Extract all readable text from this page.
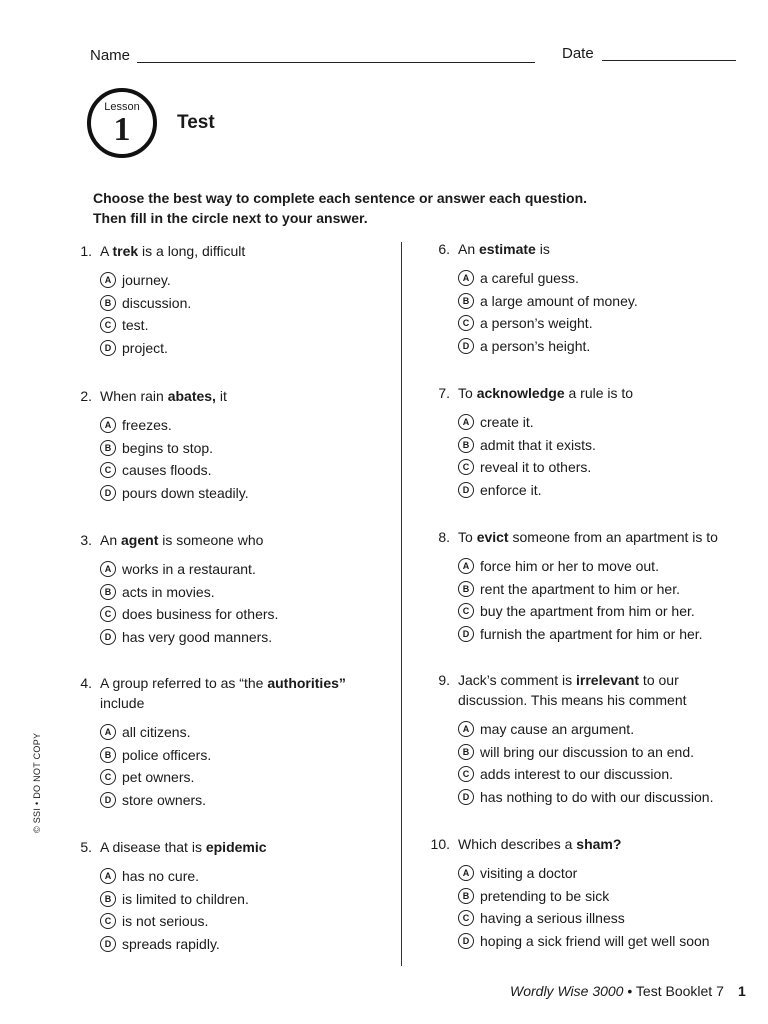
Name	Date
Lesson
1	Test
Choose the best way to complete each sentence or answer each question.
Then fill in the circle next to your answer.
1. A trek is a long, difficult
A journey.
B discussion.
C test.
D project.
2. When rain abates, it
A freezes.
B begins to stop.
C causes floods.
D pours down steadily.
3. An agent is someone who
A works in a restaurant.
B acts in movies.
C does business for others.
D has very good manners.
4. A group referred to as “the authorities”
include
A all citizens.
B police officers.
C pet owners.
D store owners.
5. A disease that is epidemic
A has no cure.
B is limited to children.
C is not serious.
D spreads rapidly.
6. An estimate is
A a careful guess.
B a large amount of money.
C a person’s weight.
D a person’s height.
7. To acknowledge a rule is to
A create it.
B admit that it exists.
C reveal it to others.
D enforce it.
8. To evict someone from an apartment is to
A force him or her to move out.
B rent the apartment to him or her.
C buy the apartment from him or her.
D furnish the apartment for him or her.
9. Jack’s comment is irrelevant to our
discussion. This means his comment
A may cause an argument.
B will bring our discussion to an end.
C adds interest to our discussion.
D has nothing to do with our discussion.
10. Which describes a sham?
A visiting a doctor
B pretending to be sick
C having a serious illness
D hoping a sick friend will get well soon
© SSI • DO NOT COPY
Wordly Wise 3000 • Test Booklet 7 1
